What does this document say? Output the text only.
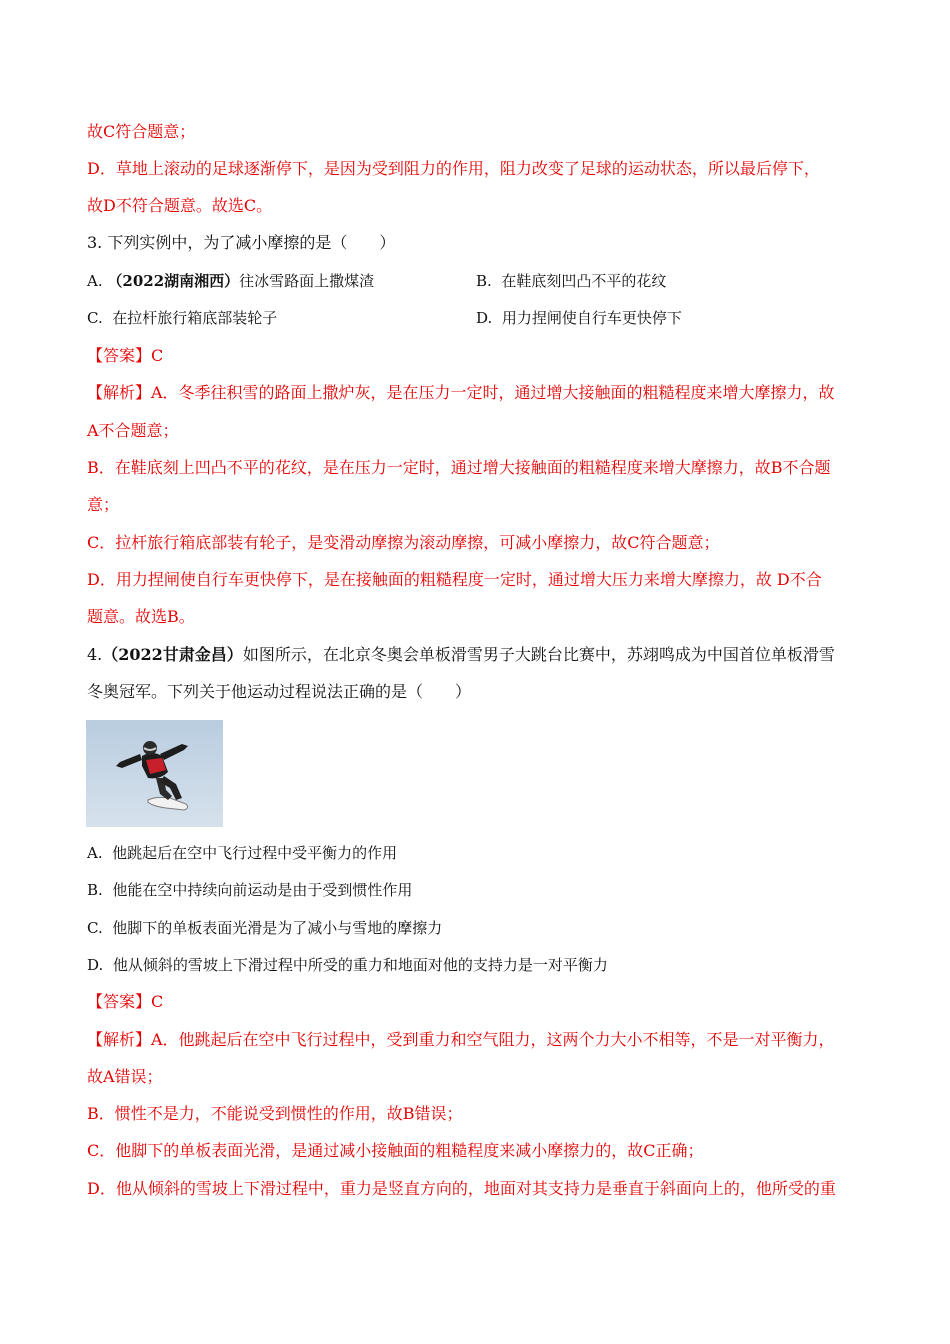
故C符合题意；
D．草地上滚动的足球逐渐停下，是因为受到阻力的作用，阻力改变了足球的运动状态，所以最后停下，
故D不符合题意。故选C。
3. 下列实例中，为了减小摩擦的是（　　）
A. （2022湖南湘西）往冰雪路面上撒煤渣	B. 在鞋底刻凹凸不平的花纹
C. 在拉杆旅行箱底部装轮子	D. 用力捏闸使自行车更快停下
【答案】C
【解析】A．冬季往积雪的路面上撒炉灰，是在压力一定时，通过增大接触面的粗糙程度来增大摩擦力，故
A不合题意；
B．在鞋底刻上凹凸不平的花纹，是在压力一定时，通过增大接触面的粗糙程度来增大摩擦力，故B不合题
意；
C．拉杆旅行箱底部装有轮子，是变滑动摩擦为滚动摩擦，可减小摩擦力，故C符合题意；
D．用力捏闸使自行车更快停下，是在接触面的粗糙程度一定时，通过增大压力来增大摩擦力，故 D不合
题意。故选B。
4.（2022甘肃金昌）如图所示，在北京冬奥会单板滑雪男子大跳台比赛中，苏翊鸣成为中国首位单板滑雪
冬奥冠军。下列关于他运动过程说法正确的是（　　）
A. 他跳起后在空中飞行过程中受平衡力的作用
B. 他能在空中持续向前运动是由于受到惯性作用
C. 他脚下的单板表面光滑是为了减小与雪地的摩擦力
D. 他从倾斜的雪坡上下滑过程中所受的重力和地面对他的支持力是一对平衡力
【答案】C
【解析】A．他跳起后在空中飞行过程中，受到重力和空气阻力，这两个力大小不相等，不是一对平衡力，
故A错误；
B．惯性不是力，不能说受到惯性的作用，故B错误；
C．他脚下的单板表面光滑，是通过减小接触面的粗糙程度来减小摩擦力的，故C正确；
D．他从倾斜的雪坡上下滑过程中，重力是竖直方向的，地面对其支持力是垂直于斜面向上的，他所受的重
